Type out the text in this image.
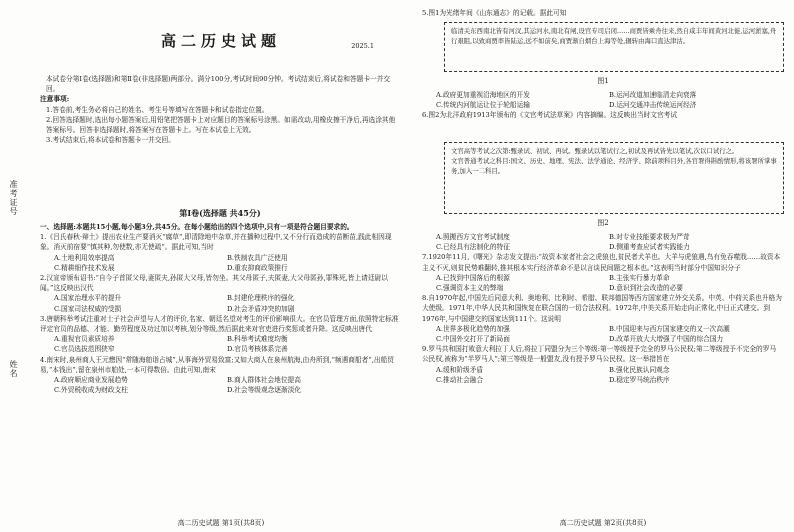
准考证号
姓名
高二历史试题	2025.1

本试卷分第Ⅰ卷(选择题)和第Ⅱ卷(非选择题)两部分。满分100分,考试时间90分钟。考试结束后,将试卷和答题卡一并交回。

注意事项:

1.答卷前,考生务必将自己的姓名、考生号等填写在答题卡和试卷指定位置。

2.回答选择题时,选出每小题答案后,用铅笔把答题卡上对应题目的答案标号涂黑。如需改动,用橡皮擦干净后,再选涂其他答案标号。回答非选择题时,将答案写在答题卡上。写在本试卷上无效。

3.考试结束后,将本试卷和答题卡一并交回。

第Ⅰ卷(选择题 共45分)

一、选择题:本题共15小题,每小题3分,共45分。在每小题给出的四个选项中,只有一项是符合题目要求的。

1.《吕氏春秋·辩土》提出农业生产要消灭“腐草”,即清除地中杂草,并在播种过程中,又不分行而造成的苗断苗,践此相因现象。消灭前宿要“慎其种,勿使数,亦无使疏”。据此可知,当时

A.土地利用效率提高	B.铁制农具广泛使用
C.精耕细作技术发展	D.重农抑商政策推行

2.汉宣帝颁布诏书:“自今子首匿父母,妻匿夫,孙匿大父母,皆勿坐。其父母匿子,夫匿妻,大父母匿孙,罪殊死,皆上请廷尉以闻。”这反映出汉代

A.国家治理水平的提升	B.封建伦理秩序的强化
C.国家司法权威的受损	D.社会矛盾冲突的加剧

3.唐朝科举考试注重对士子社会声望与人才的评价,名家、朝廷名望对考生的评价影响很大。在官员管理方面,依照特定标准评定官员的品德、才能、勤劳程度及功过加以考核,划分等级,然后据此来对官吏进行奖惩或者升降。这反映出唐代

A.重视官员素质培养	B.科举考试难度均衡
C.官员选拔范围狭窄	D.官员考核体系完善

4.南宋时,泉州商人王元懋因“常随海舶诣占城”,从事海外贸易致富;又如大商人在泉州航海,由舟所到,“频遇商船者”,出船贸易,“本钱出”,留在泉州市舶处,一本可得数倍。由此可知,南宋

A.政府顺应商业发展趋势	B.商人群体社会地位提高
C.外贸税收成为财政支柱	D.社会等级观念逐渐淡化
高二历史试题 第1页(共8页)
5.图1为光绪年间《山东通志》的记载。据此可知
临清关东西南北皆有河汊,其运河水,南北有闸,设官专司启闭……商贾皆乘舟往来,然自咸丰年间黄河北徙,运河淤塞,舟行艰阻,以致商贾率皆陆运,远不如前矣,商贾渐自烟台上海等处,辗转由海口直达津沽。
图1
A.政府更加重视沿海地区的开发	B.运河改道加速临清走向衰落
C.传统内河航运让位于轮船运输	D.运河交通冲击传统运河经济

6.图2为北洋政府1913年颁布的《文官考试法草案》内容摘编。这反映出当时文官考试

文官高等考试之次第:甄录试、初试、再试。甄录试以笔试行之,初试及再试皆先以笔试,次以口试行之。
文官普通考试之科目:国文、历史、地理、宪法、法学通论、经济学、除前项科目外,各官署得斟酌情形,将该署所掌事务,加入一二科目。
图2
A.照搬西方文官考试制度	B.对专业技能要求极为严苛
C.已经具有法制化的特征	D.侧重考查应试者实践能力

7.1920年11月,《曙光》杂志发文提出:“故资本家者社会之虎狼也,贫民者犬羊也。大羊与虎狼遇,鸟有免吞噬戕……故资本主义不灭,则贫民势难翻转,推其根本实行经济革命不是以言谈民间题之根本也。”这表明当时部分中国知识分子

A.已找到中国落后的根源	B.主张实行暴力革命
C.强调资本主义的弊端	D.意识到社会改造的必要

8.自1970年起,中国先后同意大利、奥地利、比利时、希腊、联邦德国等西方国家建立外交关系。中英、中荷关系也升格为大使级。1971年,中华人民共和国恢复在联合国的一切合法权利。1972年,中美关系开始走向正常化,中日正式建交。到1976年,与中国建交的国家达到111个。这说明

A.世界多极化趋势的加强	B.中国迎来与西方国家建交的又一次高潮
C.中国外交打开了新局面	D.改革开放大大增强了中国的综合国力

9.罗马共和国打败意大利拉丁人后,将拉丁同盟分为三个等级:第一等级授予完全的罗马公民权;第二等级授予不完全的罗马公民权,被称为“半罗马人”;第三等级是一般盟友,没有授予罗马公民权。这一举措旨在

A.缓和阶级矛盾	B.强化民族认同观念
C.推动社会融合	D.稳定罗马统治秩序
高二历史试题 第2页(共8页)
